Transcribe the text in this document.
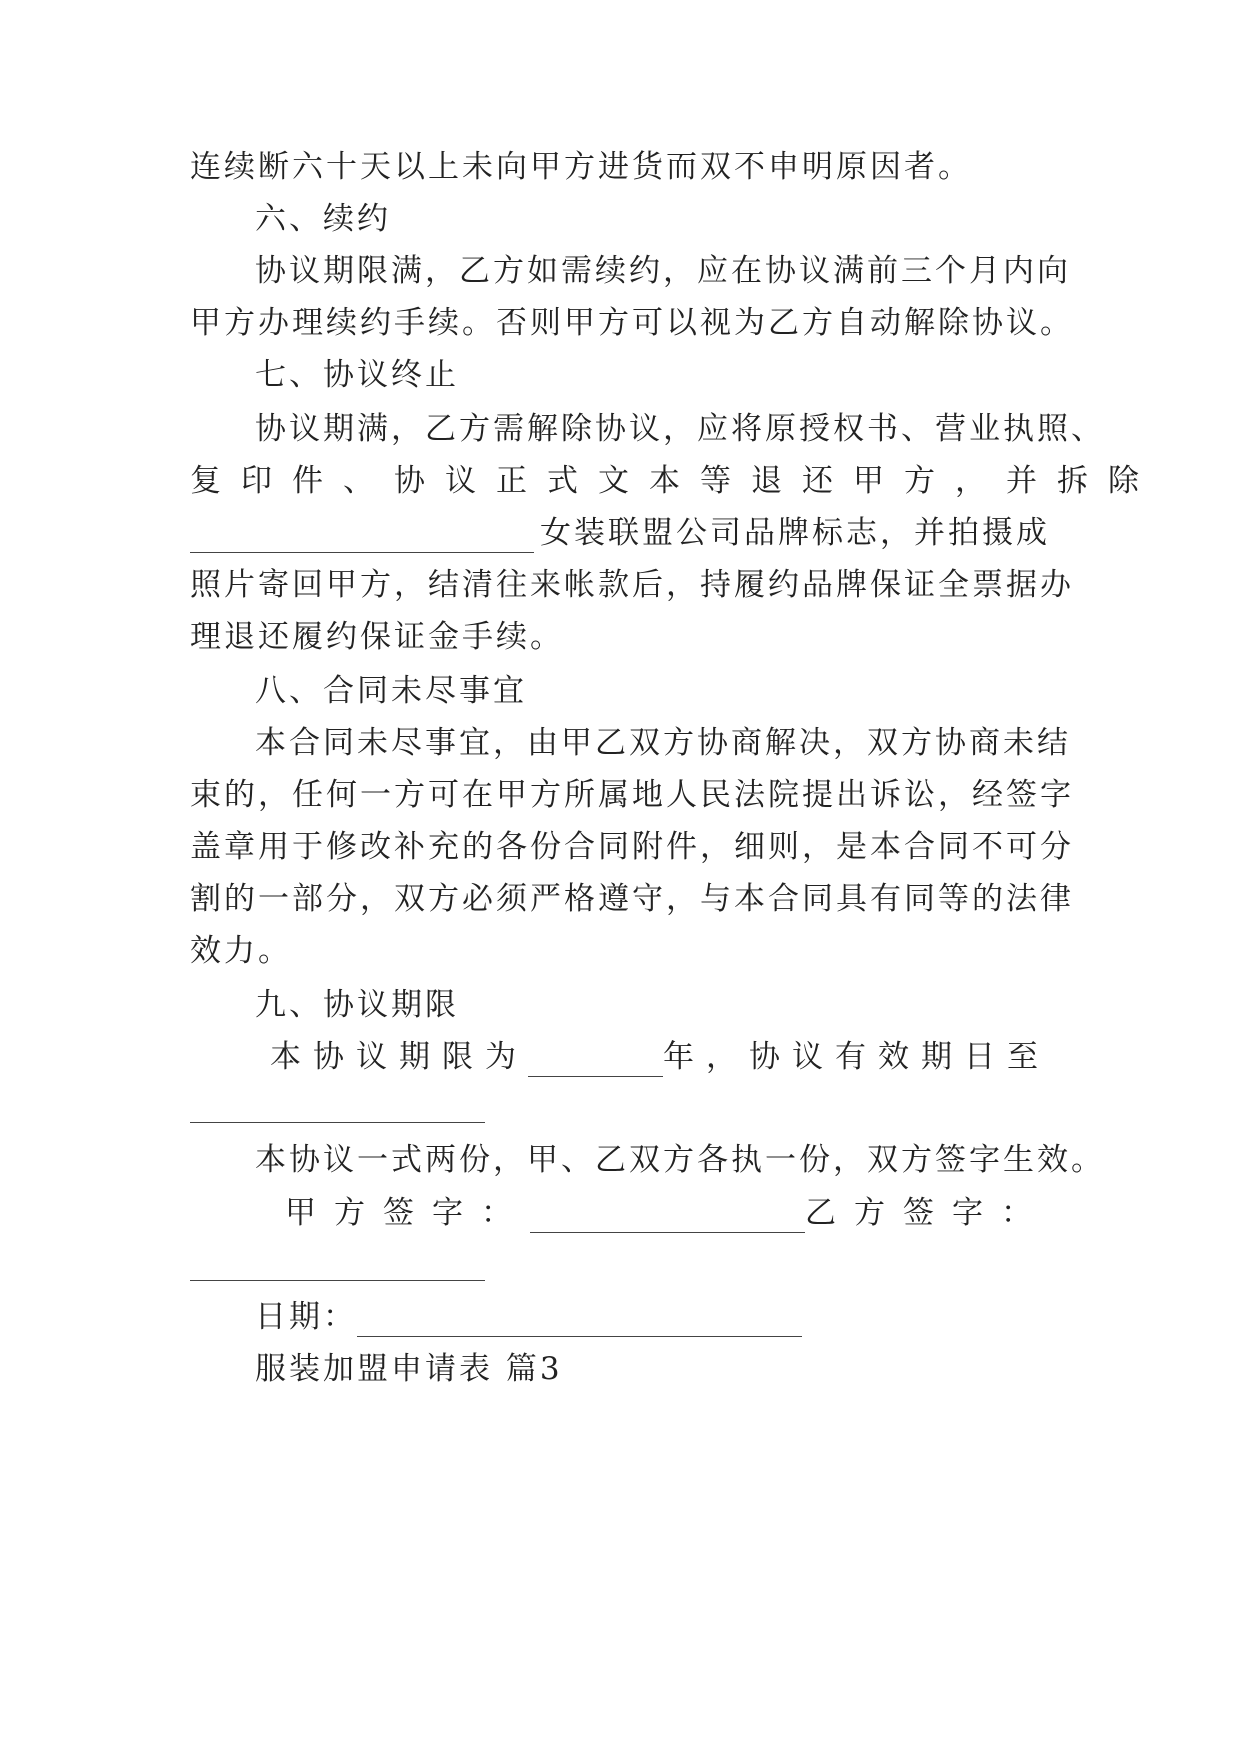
连续断六十天以上未向甲方进货而双不申明原因者。
六、续约
协议期限满，乙方如需续约，应在协议满前三个月内向
甲方办理续约手续。否则甲方可以视为乙方自动解除协议。
七、协议终止
协议期满，乙方需解除协议，应将原授权书、营业执照、
复印件、协议正式文本等退还甲方，并拆除
女装联盟公司品牌标志，并拍摄成
照片寄回甲方，结清往来帐款后，持履约品牌保证全票据办
理退还履约保证金手续。
八、合同未尽事宜
本合同未尽事宜，由甲乙双方协商解决，双方协商未结
束的，任何一方可在甲方所属地人民法院提出诉讼，经签字
盖章用于修改补充的各份合同附件，细则，是本合同不可分
割的一部分，双方必须严格遵守，与本合同具有同等的法律
效力。
九、协议期限
本协议期限为	年，协议有效期日至
本协议一式两份，甲、乙双方各执一份，双方签字生效。
甲方签字：	乙方签字：
日期：
服装加盟申请表 篇3
